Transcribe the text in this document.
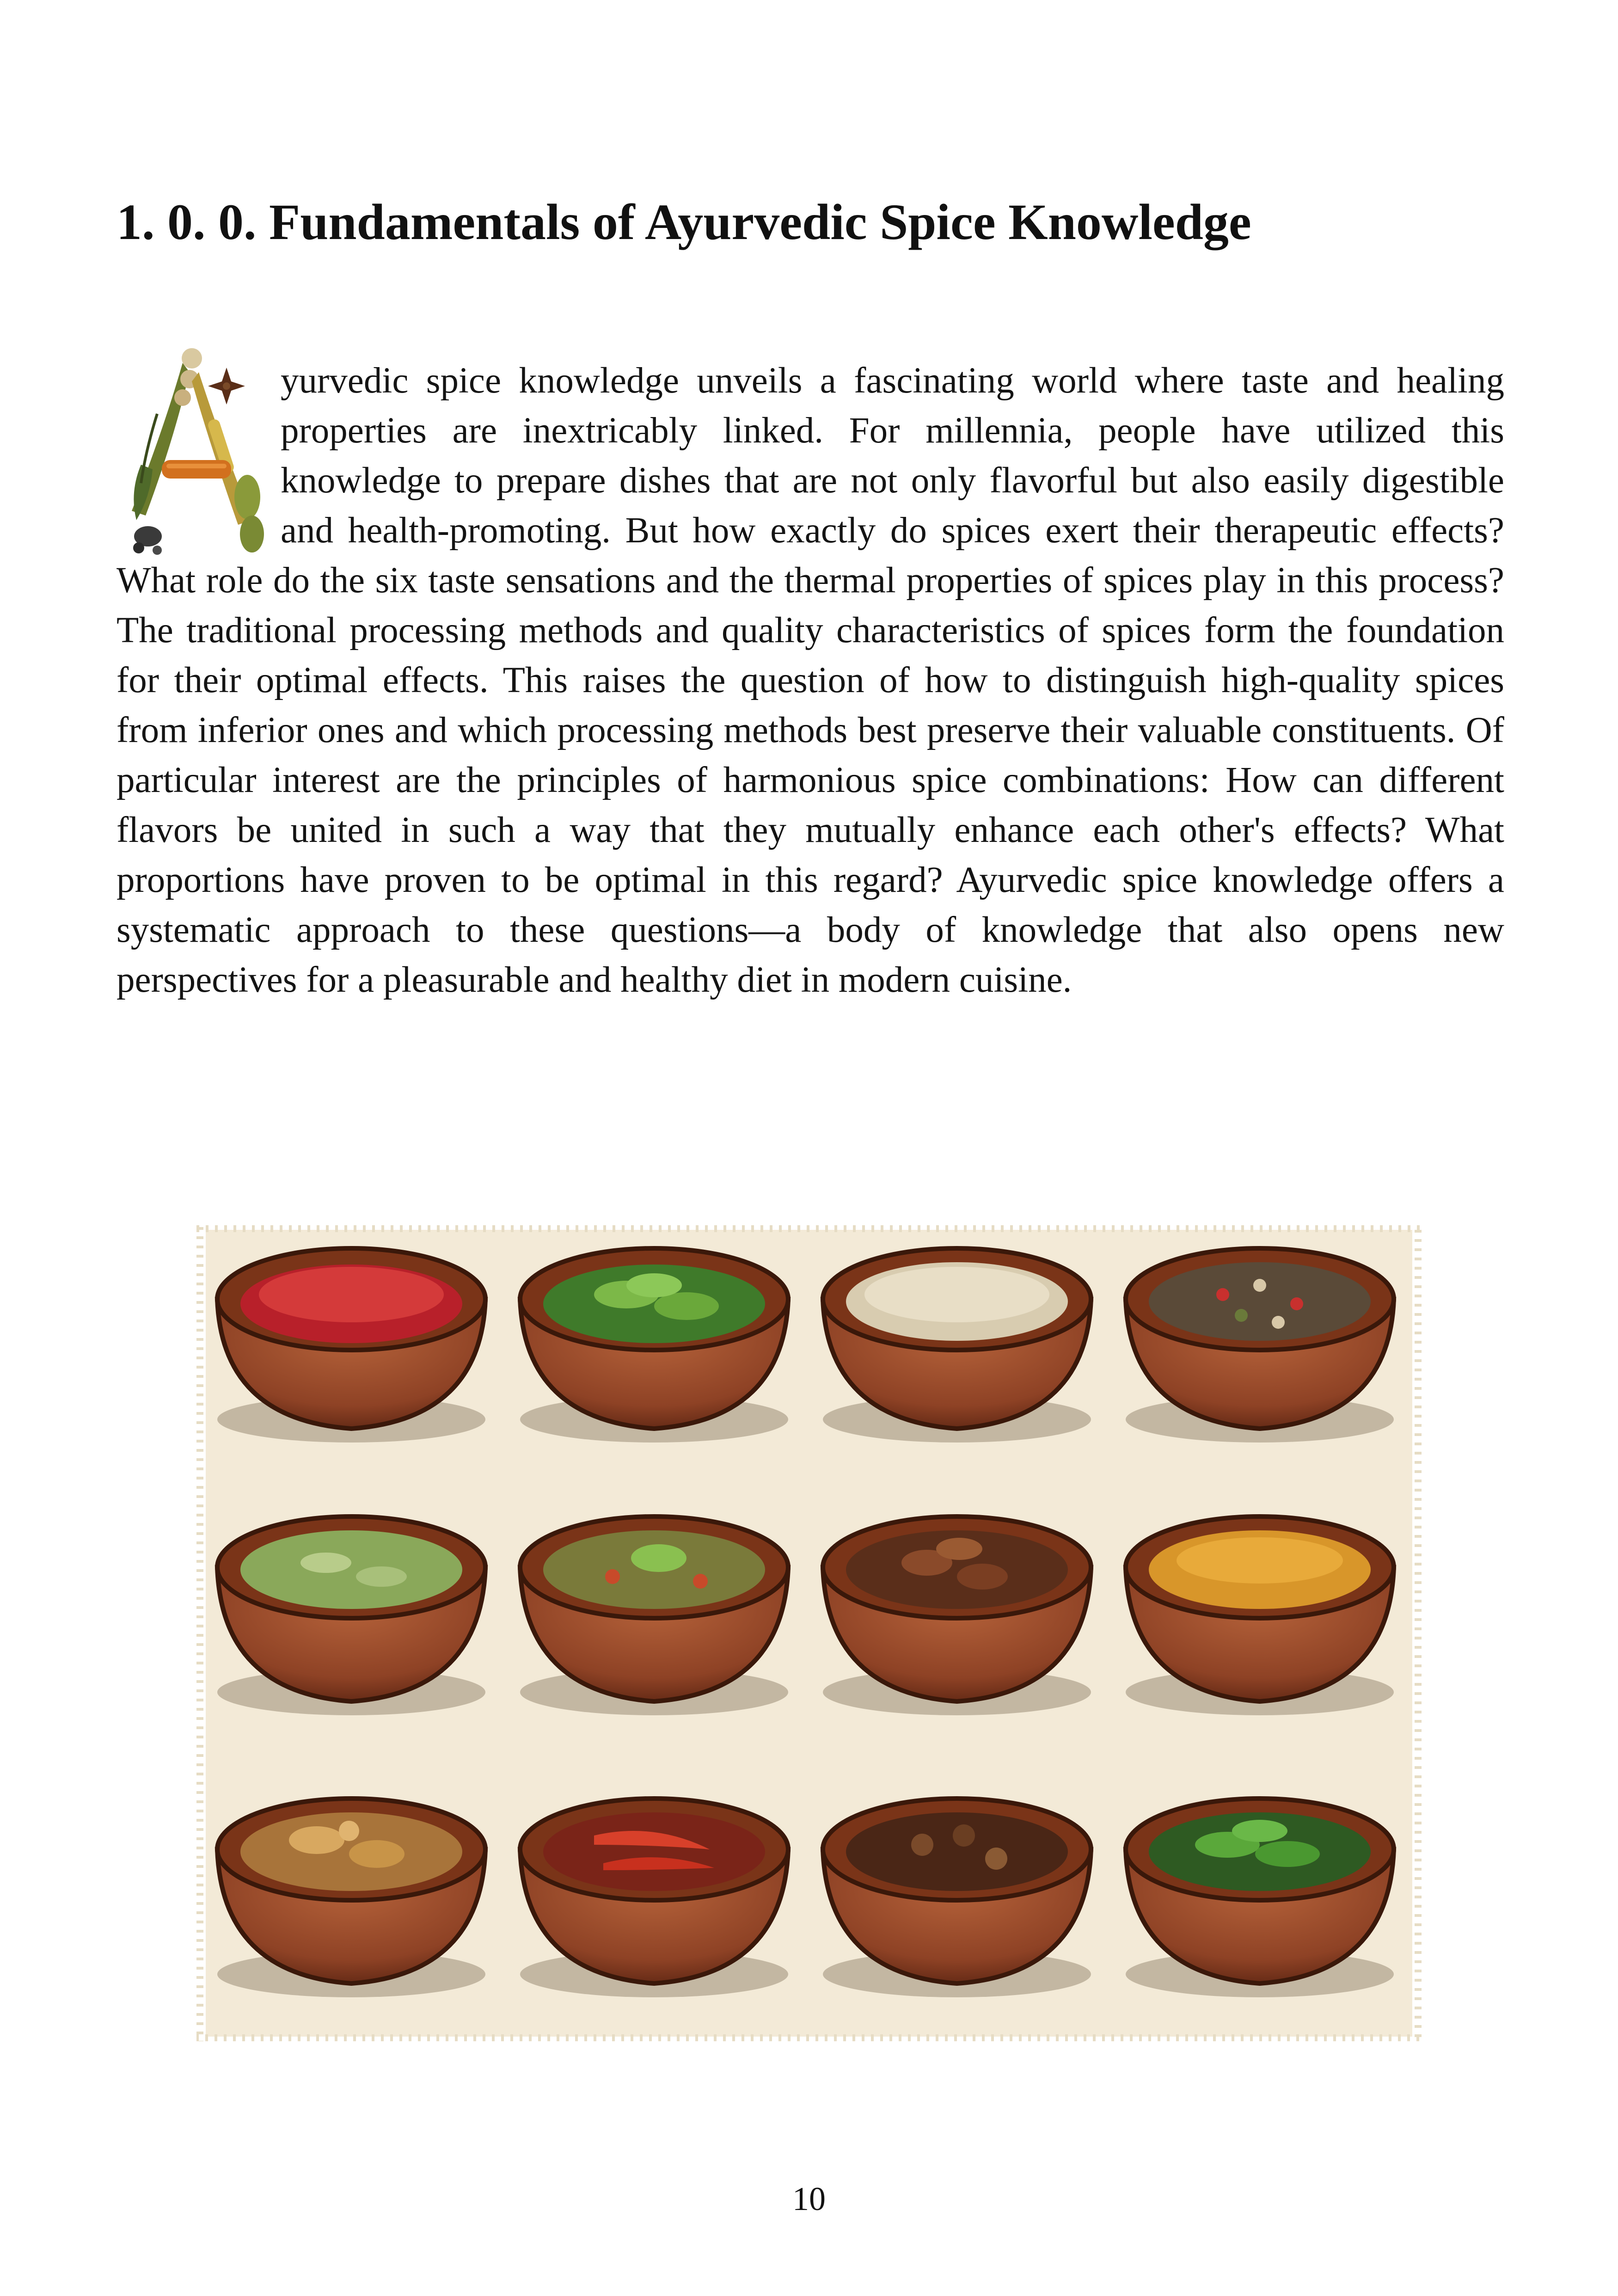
1. 0. 0. Fundamentals of Ayurvedic Spice Knowledge

yurvedic spice knowledge unveils a fascinating world where taste and healing properties are inextricably linked. For millennia, people have utilized this knowledge to prepare dishes that are not only flavorful but also easily digestible and health-promoting. But how exactly do spices exert their therapeutic effects? What role do the six taste sensations and the thermal properties of spices play in this process? The traditional processing methods and quality characteristics of spices form the foundation for their optimal effects. This raises the question of how to distinguish high-quality spices from inferior ones and which processing methods best preserve their valuable constituents. Of particular interest are the principles of harmonious spice combinations: How can different flavors be united in such a way that they mutually enhance each other's effects? What proportions have proven to be optimal in this regard? Ayurvedic spice knowledge offers a systematic approach to these questions—a body of knowledge that also opens new perspectives for a pleasurable and healthy diet in modern cuisine.

10
